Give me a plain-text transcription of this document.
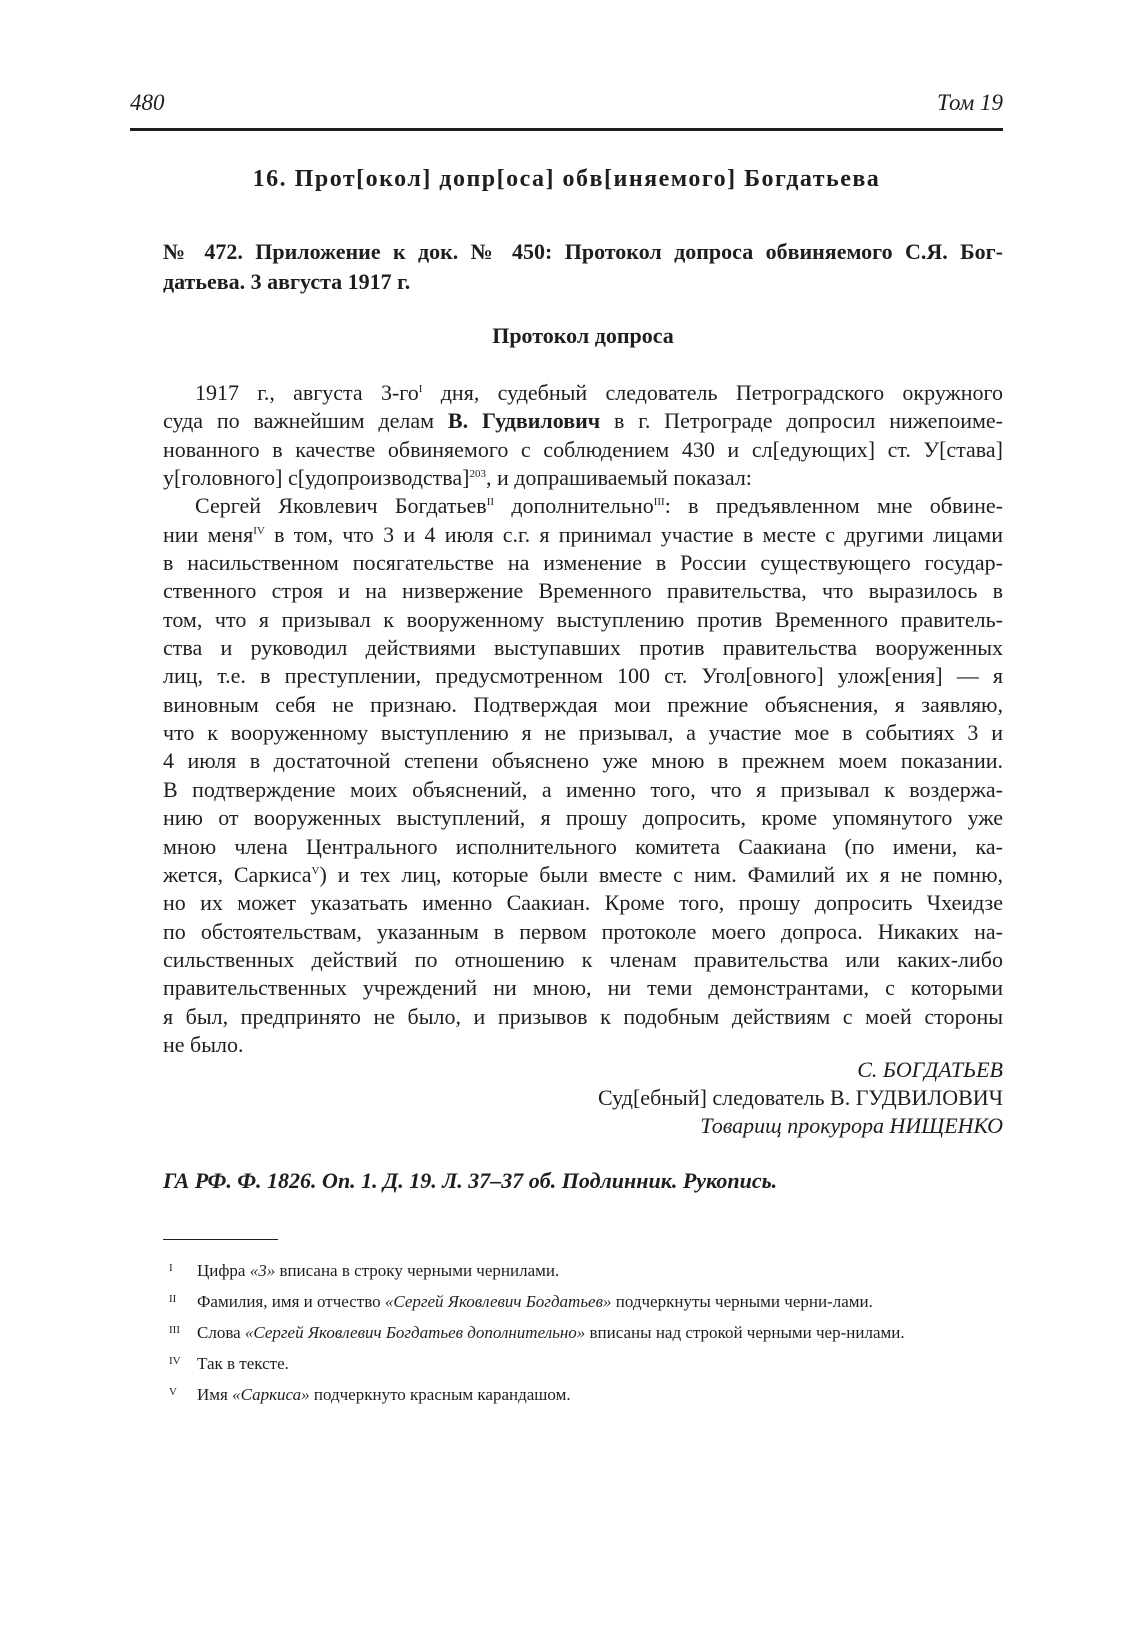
480	Том 19
16. Прот[окол] допр[оса] обв[иняемого] Богдатьева
№ 472. Приложение к док. № 450: Протокол допроса обвиняемого С.Я. Бог-
датьева. 3 августа 1917 г.
Протокол допроса
1917 г., августа $3-го^I$ дня, судебный следователь Петроградского окружного
суда по важнейшим делам В. Гудвилович в г. Петрограде допросил нижепоиме-
нованного в качестве обвиняемого с соблюдением 430 и сл[едующих] ст. У[става]
у[головного] с[удопроизводства]$^{203}$, и допрашиваемый показал:
Сергей Яковлевич Богдатьев$^{II}$ дополнительно$^{III}$: в предъявленном мне обвине-
нии меня$^{IV}$ в том, что 3 и 4 июля с.г. я принимал участие в месте с другими лицами
в насильственном посягательстве на изменение в России существующего государ-
ственного строя и на низвержение Временного правительства, что выразилось в
том, что я призывал к вооруженному выступлению против Временного правитель-
ства и руководил действиями выступавших против правительства вооруженных
лиц, т.е. в преступлении, предусмотренном 100 ст. Угол[овного] улож[ения] — я
виновным себя не признаю. Подтверждая мои прежние объяснения, я заявляю,
что к вооруженному выступлению я не призывал, а участие мое в событиях 3 и
4 июля в достаточной степени объяснено уже мною в прежнем моем показании.
В подтверждение моих объяснений, а именно того, что я призывал к воздержа-
нию от вооруженных выступлений, я прошу допросить, кроме упомянутого уже
мною члена Центрального исполнительного комитета Саакиана (по имени, ка-
жется, Саркиса$^V$) и тех лиц, которые были вместе с ним. Фамилий их я не помню,
но их может указатьать именно Саакиан. Кроме того, прошу допросить Чхеидзе
по обстоятельствам, указанным в первом протоколе моего допроса. Никаких на-
сильственных действий по отношению к членам правительства или каких-либо
правительственных учреждений ни мною, ни теми демонстрантами, с которыми
я был, предпринято не было, и призывов к подобным действиям с моей стороны
не было.
С. БОГДАТЬЕВ
Суд[ебный] следователь В. ГУДВИЛОВИЧ
Товарищ прокурора НИЩЕНКО
ГА РФ. Ф. 1826. Оп. 1. Д. 19. Л. 37–37 об. Подлинник. Рукопись.
I Цифра «3» вписана в строку черными чернилами.
II Фамилия, имя и отчество «Сергей Яковлевич Богдатьев» подчеркнуты черными черни-лами.
III Слова «Сергей Яковлевич Богдатьев дополнительно» вписаны над строкой черными чер-нилами.
IV Так в тексте.
V Имя «Саркиса» подчеркнуто красным карандашом.
